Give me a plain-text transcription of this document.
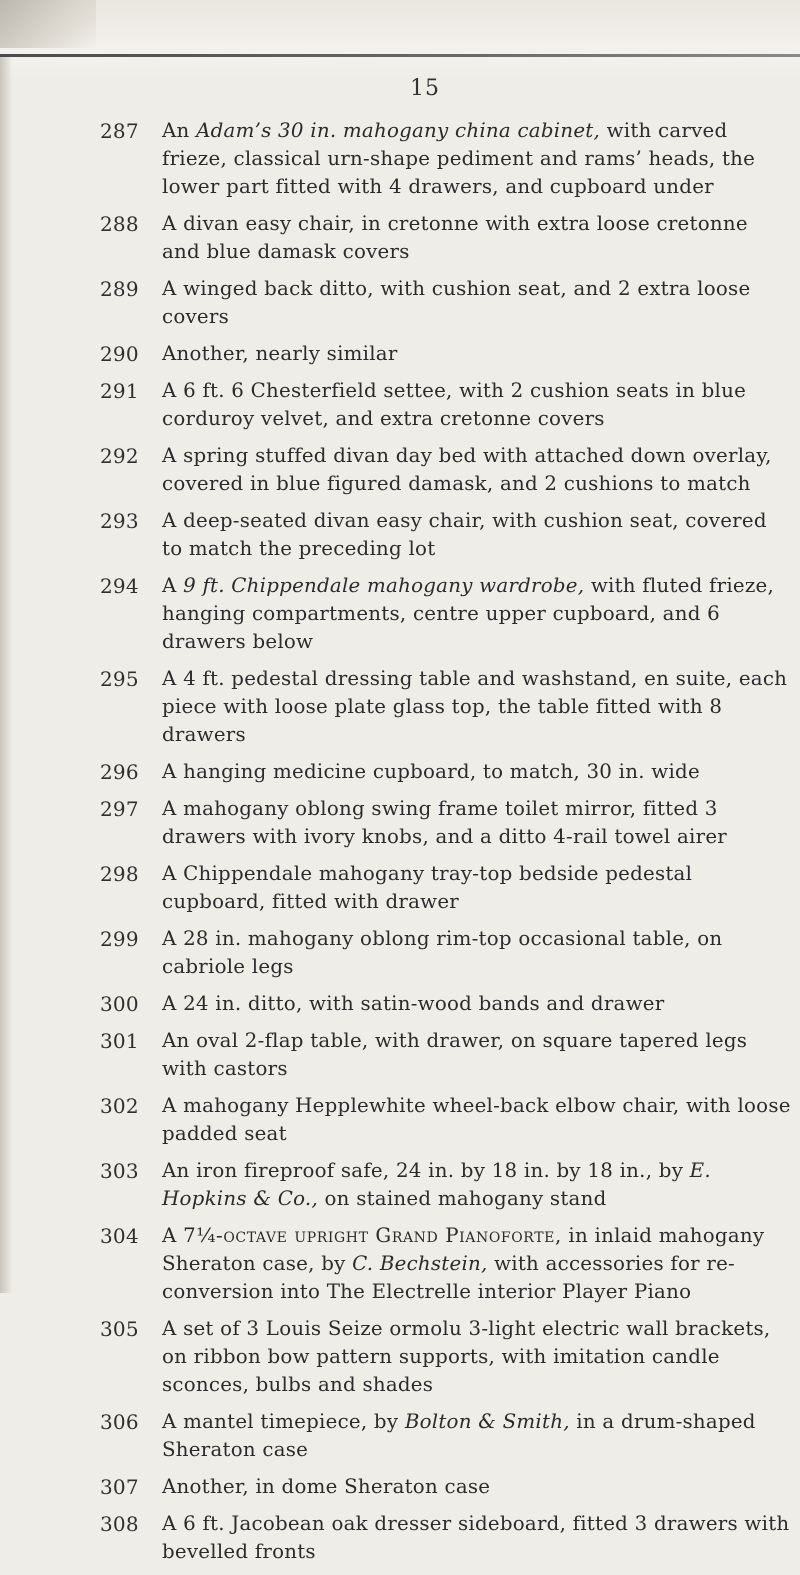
15
287 An Adam’s 30 in. mahogany china cabinet, with carved frieze, classical urn-shape pediment and rams’ heads, the lower part fitted with 4 drawers, and cupboard under
288 A divan easy chair, in cretonne with extra loose cretonne and blue damask covers
289 A winged back ditto, with cushion seat, and 2 extra loose covers
290 Another, nearly similar
291 A 6 ft. 6 Chesterfield settee, with 2 cushion seats in blue corduroy velvet, and extra cretonne covers
292 A spring stuffed divan day bed with attached down overlay, covered in blue figured damask, and 2 cushions to match
293 A deep-seated divan easy chair, with cushion seat, covered to match the preceding lot
294 A 9 ft. Chippendale mahogany wardrobe, with fluted frieze, hanging compartments, centre upper cupboard, and 6 drawers below
295 A 4 ft. pedestal dressing table and washstand, en suite, each piece with loose plate glass top, the table fitted with 8 drawers
296 A hanging medicine cupboard, to match, 30 in. wide
297 A mahogany oblong swing frame toilet mirror, fitted 3 drawers with ivory knobs, and a ditto 4-rail towel airer
298 A Chippendale mahogany tray-top bedside pedestal cupboard, fitted with drawer
299 A 28 in. mahogany oblong rim-top occasional table, on cabriole legs
300 A 24 in. ditto, with satin-wood bands and drawer
301 An oval 2-flap table, with drawer, on square tapered legs with castors
302 A mahogany Hepplewhite wheel-back elbow chair, with loose padded seat
303 An iron fireproof safe, 24 in. by 18 in. by 18 in., by E. Hopkins & Co., on stained mahogany stand
304 A 7¼-octave upright Grand Pianoforte, in inlaid mahogany Sheraton case, by C. Bechstein, with accessories for re-conversion into The Electrelle interior Player Piano
305 A set of 3 Louis Seize ormolu 3-light electric wall brackets, on ribbon bow pattern supports, with imitation candle sconces, bulbs and shades
306 A mantel timepiece, by Bolton & Smith, in a drum-shaped Sheraton case
307 Another, in dome Sheraton case
308 A 6 ft. Jacobean oak dresser sideboard, fitted 3 drawers with bevelled fronts
